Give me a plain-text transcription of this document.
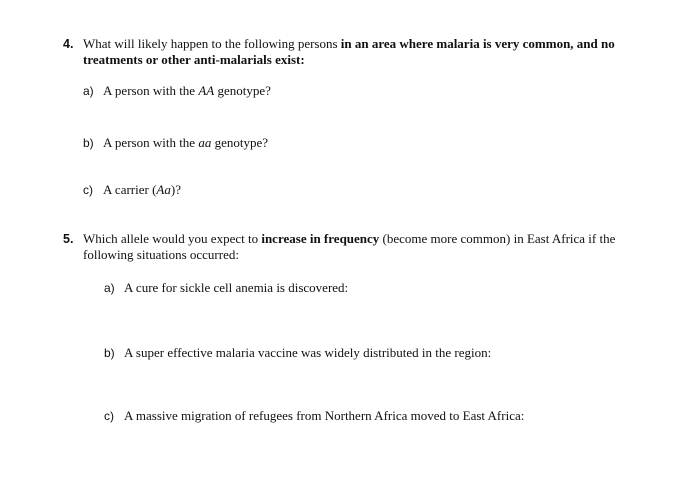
4. What will likely happen to the following persons in an area where malaria is very common, and no treatments or other anti-malarials exist:
a) A person with the AA genotype?
b) A person with the aa genotype?
c) A carrier (Aa)?
5. Which allele would you expect to increase in frequency (become more common) in East Africa if the following situations occurred:
a) A cure for sickle cell anemia is discovered:
b) A super effective malaria vaccine was widely distributed in the region:
c) A massive migration of refugees from Northern Africa moved to East Africa:
